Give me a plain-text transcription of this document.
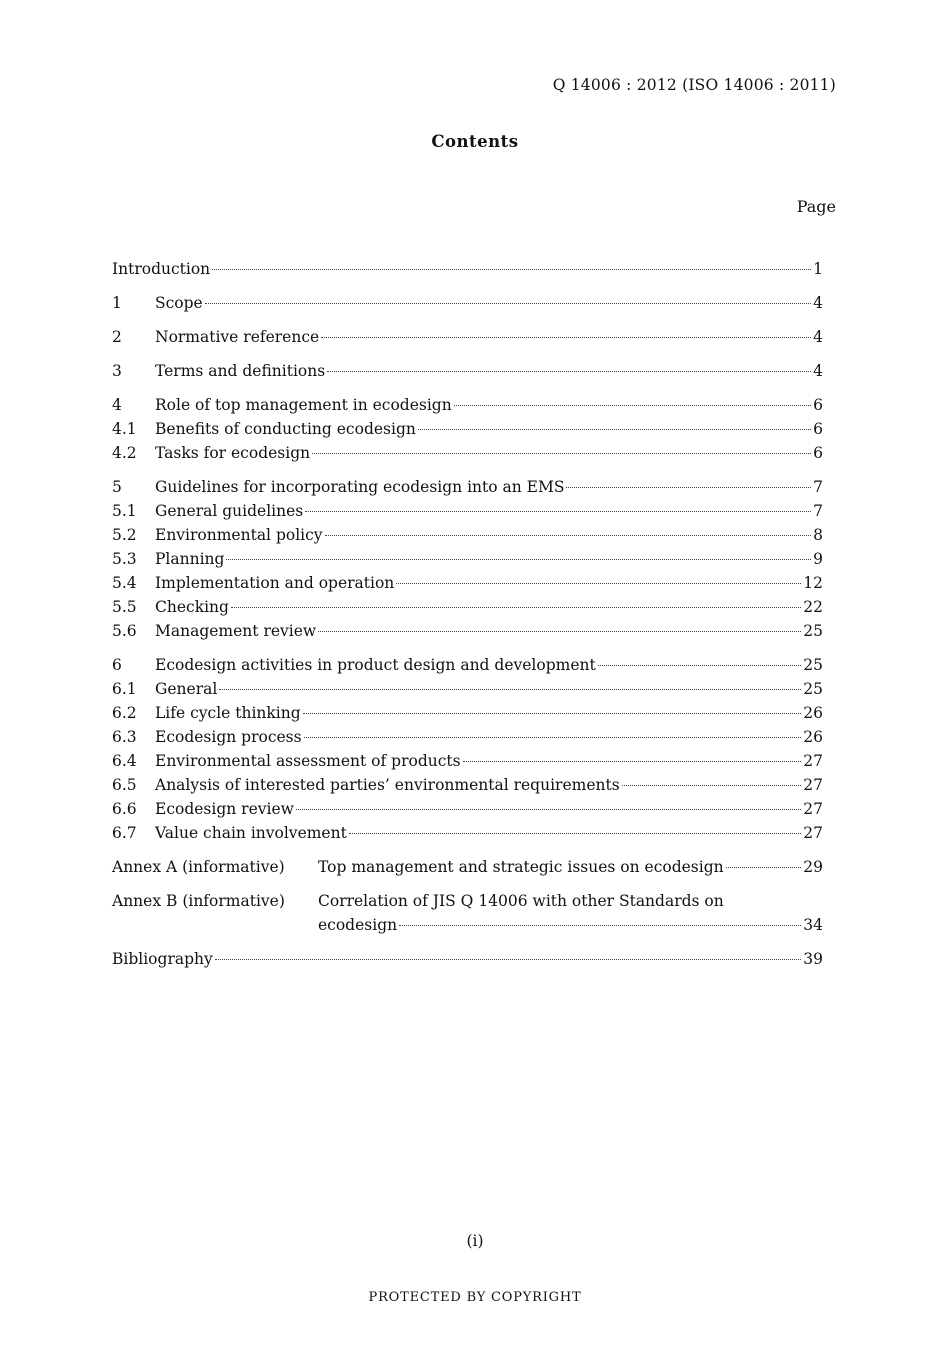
Q 14006 : 2012 (ISO 14006 : 2011)
Contents
Page
Introduction	1
1	Scope	4
2	Normative reference	4
3	Terms and definitions	4
4	Role of top management in ecodesign	6
4.1	Benefits of conducting ecodesign	6
4.2	Tasks for ecodesign	6
5	Guidelines for incorporating ecodesign into an EMS	7
5.1	General guidelines	7
5.2	Environmental policy	8
5.3	Planning	9
5.4	Implementation and operation	12
5.5	Checking	22
5.6	Management review	25
6	Ecodesign activities in product design and development	25
6.1	General	25
6.2	Life cycle thinking	26
6.3	Ecodesign process	26
6.4	Environmental assessment of products	27
6.5	Analysis of interested parties’ environmental requirements	27
6.6	Ecodesign review	27
6.7	Value chain involvement	27
Annex A (informative)	Top management and strategic issues on ecodesign	29
Annex B (informative)	Correlation of JIS Q 14006 with other Standards on
ecodesign	34
Bibliography	39
(i)
PROTECTED BY COPYRIGHT
